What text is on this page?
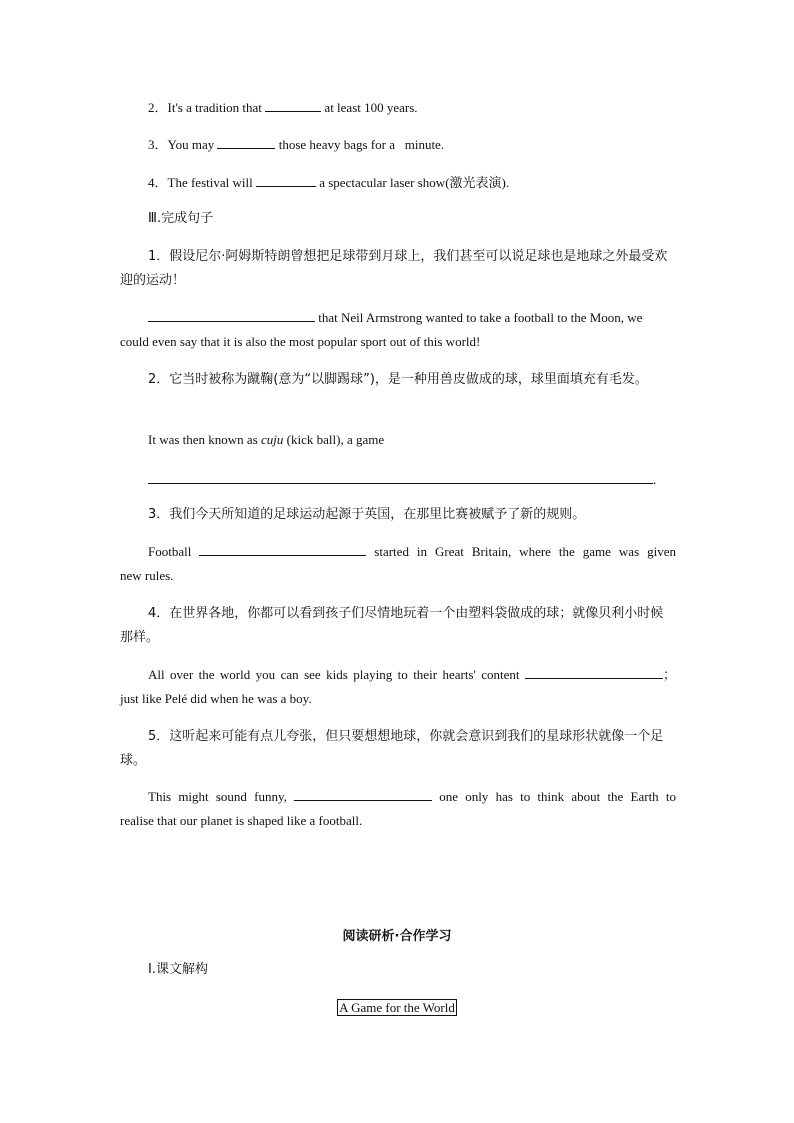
2．It's a tradition that	at least 100 years.
3．You may	those heavy bags for a   minute.
4．The festival will	a spectacular laser show(激光表演).
Ⅲ.完成句子
1．假设尼尔·阿姆斯特朗曾想把足球带到月球上，我们甚至可以说足球也是地球之外最受欢迎的运动！
that Neil Armstrong wanted to take a football to the Moon, we
could even say that it is also the most popular sport out of this world!
2．它当时被称为蹴鞠(意为“以脚踢球”)，是一种用兽皮做成的球，球里面填充有毛发。
It was then known as cuju (kick ball), a game
.
3．我们今天所知道的足球运动起源于英国，在那里比赛被赋予了新的规则。
Football	started in Great Britain, where the game was given
new rules.
4．在世界各地，你都可以看到孩子们尽情地玩着一个由塑料袋做成的球；就像贝利小时候那样。
All over the world you can see kids playing to their hearts' content	；
just like Pelé did when he was a boy.
5．这听起来可能有点儿夸张，但只要想想地球，你就会意识到我们的星球形状就像一个足球。
This might sound funny,	one only has to think about the Earth to
realise that our planet is shaped like a football.
阅读研析·合作学习
Ⅰ.课文解构
A Game for the World
